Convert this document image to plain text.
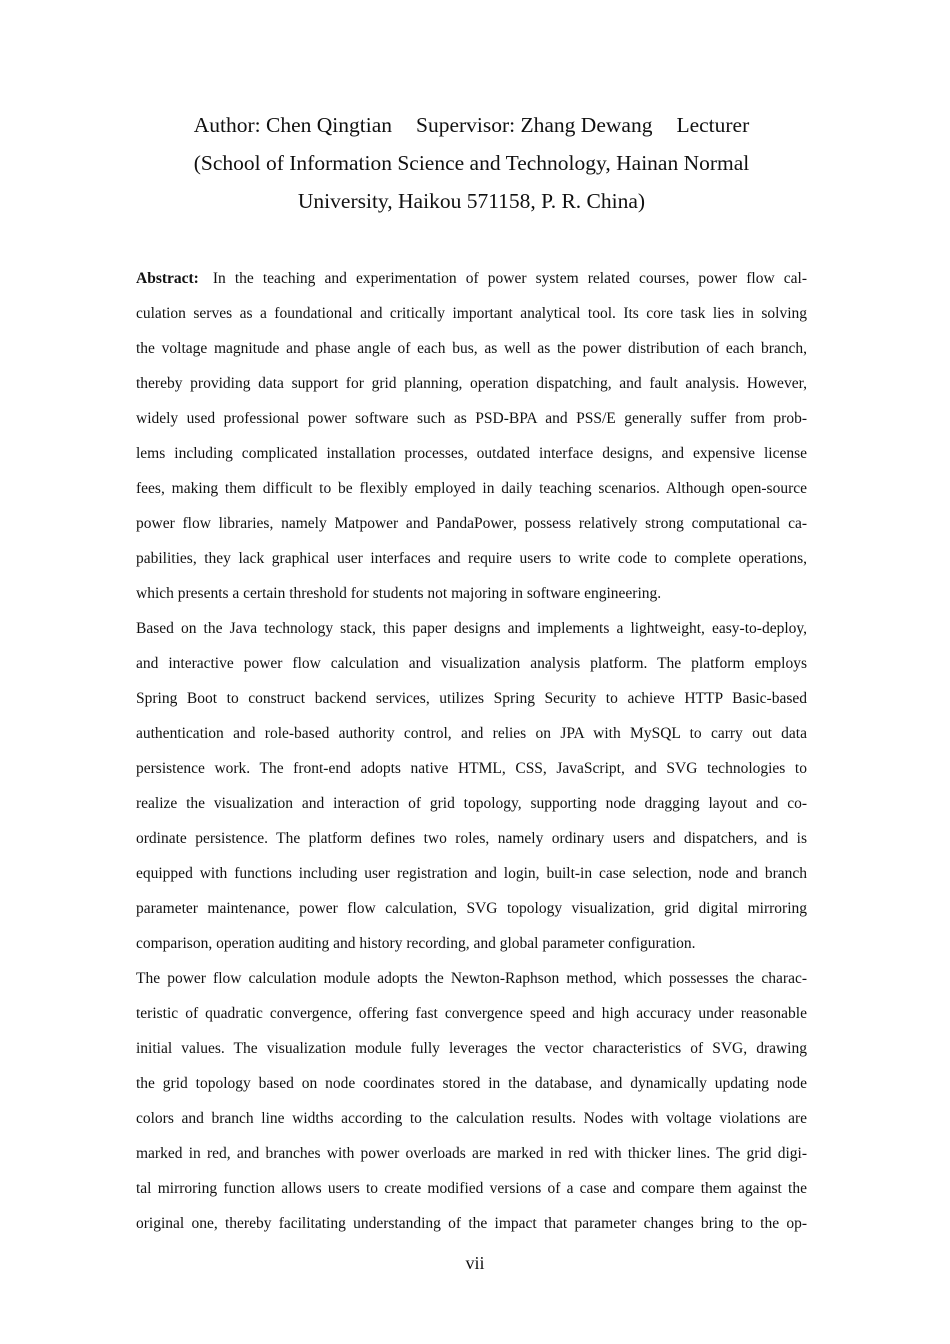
Author: Chen Qingtian Supervisor: Zhang Dewang Lecturer
(School of Information Science and Technology, Hainan Normal
University, Haikou 571158, P. R. China)
Abstract: In the teaching and experimentation of power system related courses, power flow cal-
culation serves as a foundational and critically important analytical tool. Its core task lies in solving
the voltage magnitude and phase angle of each bus, as well as the power distribution of each branch,
thereby providing data support for grid planning, operation dispatching, and fault analysis. However,
widely used professional power software such as PSD-BPA and PSS/E generally suffer from prob-
lems including complicated installation processes, outdated interface designs, and expensive license
fees, making them difficult to be flexibly employed in daily teaching scenarios. Although open-source
power flow libraries, namely Matpower and PandaPower, possess relatively strong computational ca-
pabilities, they lack graphical user interfaces and require users to write code to complete operations,
which presents a certain threshold for students not majoring in software engineering.
Based on the Java technology stack, this paper designs and implements a lightweight, easy-to-deploy,
and interactive power flow calculation and visualization analysis platform. The platform employs
Spring Boot to construct backend services, utilizes Spring Security to achieve HTTP Basic-based
authentication and role-based authority control, and relies on JPA with MySQL to carry out data
persistence work. The front-end adopts native HTML, CSS, JavaScript, and SVG technologies to
realize the visualization and interaction of grid topology, supporting node dragging layout and co-
ordinate persistence. The platform defines two roles, namely ordinary users and dispatchers, and is
equipped with functions including user registration and login, built-in case selection, node and branch
parameter maintenance, power flow calculation, SVG topology visualization, grid digital mirroring
comparison, operation auditing and history recording, and global parameter configuration.
The power flow calculation module adopts the Newton-Raphson method, which possesses the charac-
teristic of quadratic convergence, offering fast convergence speed and high accuracy under reasonable
initial values. The visualization module fully leverages the vector characteristics of SVG, drawing
the grid topology based on node coordinates stored in the database, and dynamically updating node
colors and branch line widths according to the calculation results. Nodes with voltage violations are
marked in red, and branches with power overloads are marked in red with thicker lines. The grid digi-
tal mirroring function allows users to create modified versions of a case and compare them against the
original one, thereby facilitating understanding of the impact that parameter changes bring to the op-
vii
